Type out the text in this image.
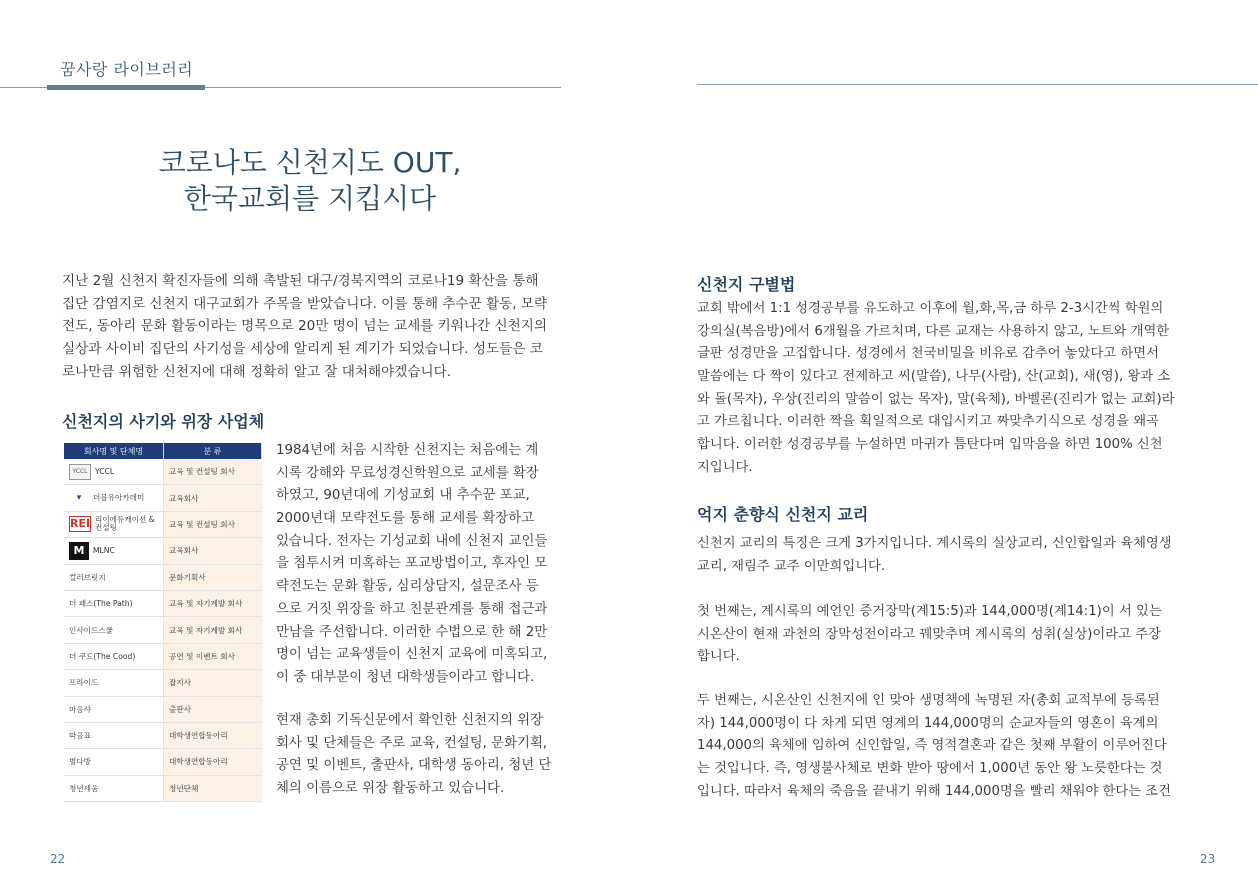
꿈사랑 라이브러리
코로나도 신천지도 OUT,
한국교회를 지킵시다
지난 2월 신천지 확진자들에 의해 촉발된 대구/경북지역의 코로나19 확산을 통해
집단 감염지로 신천지 대구교회가 주목을 받았습니다. 이를 통해 추수꾼 활동, 모략
전도, 동아리 문화 활동이라는 명목으로 20만 명이 넘는 교세를 키워나간 신천지의
실상과 사이비 집단의 사기성을 세상에 알리게 된 계기가 되었습니다. 성도들은 코
로나만큼 위험한 신천지에 대해 정확히 알고 잘 대처해야겠습니다.
신천지의 사기와 위장 사업체
회사명 및 단체명	분 류
YCCL YCCL	교육 및 컨설팅 회사
▾ 더블유아카데미	교육회사
REI 리이에듀케이션 & 컨설팅	교육 및 컨설팅 회사
M MLNC	교육회사
컬러브릿지	문화기획사
더 패스(The Path)	교육 및 자기계발 회사
인사이드스쿨	교육 및 자기계발 회사
더 쿠드(The Cood)	공연 및 이벤트 회사
프라이드	잡지사
마음샤	출판사
따옴표	대학생연합동아리
별다방	대학생연합동아리
청년세움	청년단체
1984년에 처음 시작한 신천지는 처음에는 계
시록 강해와 무료성경신학원으로 교세를 확장
하였고, 90년대에 기성교회 내 추수꾼 포교,
2000년대 모략전도를 통해 교세를 확장하고
있습니다. 전자는 기성교회 내에 신천지 교인들
을 침투시켜 미혹하는 포교방법이고, 후자인 모
략전도는 문화 활동, 심리상담지, 설문조사 등
으로 거짓 위장을 하고 친분관계를 통해 접근과
만남을 주선합니다. 이러한 수법으로 한 해 2만
명이 넘는 교육생들이 신천지 교육에 미혹되고,
이 중 대부분이 청년 대학생들이라고 합니다.
현재 총회 기독신문에서 확인한 신천지의 위장
회사 및 단체들은 주로 교육, 컨설팅, 문화기획,
공연 및 이벤트, 출판사, 대학생 동아리, 청년 단
체의 이름으로 위장 활동하고 있습니다.
22
신천지 구별법
교회 밖에서 1:1 성경공부를 유도하고 이후에 월,화,목,금 하루 2-3시간씩 학원의
강의실(복음방)에서 6개월을 가르치며, 다른 교재는 사용하지 않고, 노트와 개역한
글판 성경만을 고집합니다. 성경에서 천국비밀을 비유로 감추어 놓았다고 하면서
말씀에는 다 짝이 있다고 전제하고 씨(말씀), 나무(사람), 산(교회), 새(영), 왕과 소
와 돌(목자), 우상(진리의 말씀이 없는 목자), 말(육체), 바벨론(진리가 없는 교회)라
고 가르칩니다. 이러한 짝을 획일적으로 대입시키고 짜맞추기식으로 성경을 왜곡
합니다. 이러한 성경공부를 누설하면 마귀가 틈탄다며 입막음을 하면 100% 신천
지입니다.
억지 춘향식 신천지 교리
신천지 교리의 특징은 크게 3가지입니다. 계시록의 실상교리, 신인합일과 육체영생
교리, 재림주 교주 이만희입니다.
첫 번째는, 계시록의 예언인 증거장막(계15:5)과 144,000명(계14:1)이 서 있는
시온산이 현재 과천의 장막성전이라고 꿰맞추며 계시록의 성취(실상)이라고 주장
합니다.
두 번째는, 시온산인 신천지에 인 맞아 생명책에 녹명된 자(총회 교적부에 등록된
자) 144,000명이 다 차게 되면 영계의 144,000명의 순교자들의 영혼이 육계의
144,000의 육체에 임하여 신인합일, 즉 영적결혼과 같은 첫째 부활이 이루어진다
는 것입니다. 즉, 영생불사체로 변화 받아 땅에서 1,000년 동안 왕 노릇한다는 것
입니다. 따라서 육체의 죽음을 끝내기 위해 144,000명을 빨리 채워야 한다는 조건
23
